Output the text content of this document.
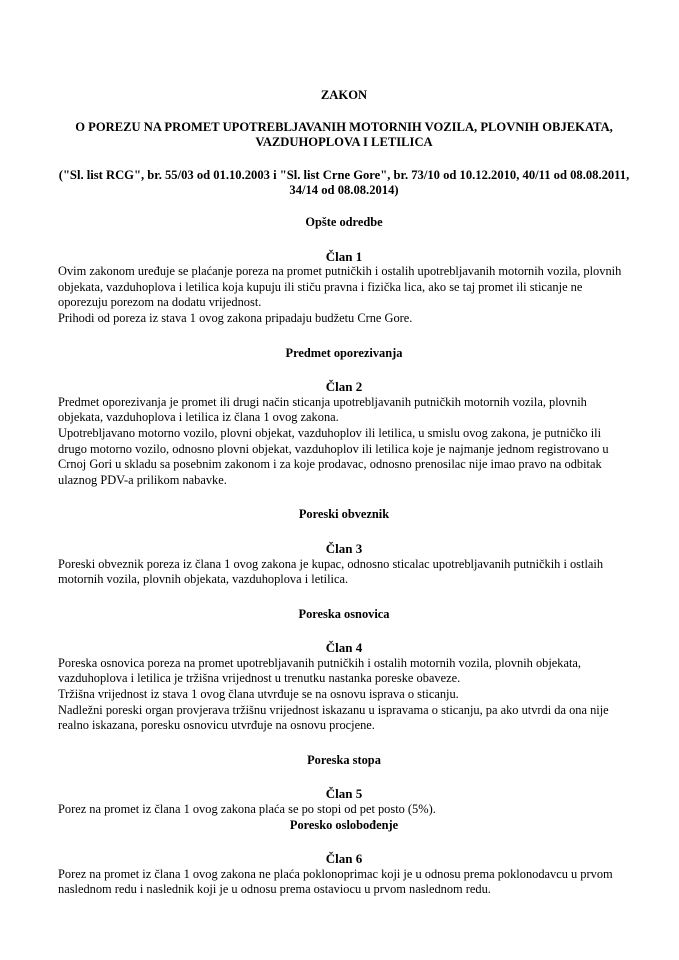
ZAKON
O POREZU NA PROMET UPOTREBLJAVANIH MOTORNIH VOZILA, PLOVNIH OBJEKATA, VAZDUHOPLOVA I LETILICA
("Sl. list RCG", br. 55/03 od 01.10.2003 i "Sl. list Crne Gore", br. 73/10 od 10.12.2010, 40/11 od 08.08.2011, 34/14 od 08.08.2014)
Opšte odredbe
Član 1

Ovim zakonom uređuje se plaćanje poreza na promet putničkih i ostalih upotrebljavanih motornih vozila, plovnih objekata, vazduhoplova i letilica koja kupuju ili stiču pravna i fizička lica, ako se taj promet ili sticanje ne oporezuju porezom na dodatu vrijednost.

Prihodi od poreza iz stava 1 ovog zakona pripadaju budžetu Crne Gore.

Predmet oporezivanja
Član 2

Predmet oporezivanja je promet ili drugi način sticanja upotrebljavanih putničkih motornih vozila, plovnih objekata, vazduhoplova i letilica iz člana 1 ovog zakona.

Upotrebljavano motorno vozilo, plovni objekat, vazduhoplov ili letilica, u smislu ovog zakona, je putničko ili drugo motorno vozilo, odnosno plovni objekat, vazduhoplov ili letilica koje je najmanje jednom registrovano u Crnoj Gori u skladu sa posebnim zakonom i za koje prodavac, odnosno prenosilac nije imao pravo na odbitak ulaznog PDV-a prilikom nabavke.

Poreski obveznik
Član 3

Poreski obveznik poreza iz člana 1 ovog zakona je kupac, odnosno sticalac upotrebljavanih putničkih i ostlaih motornih vozila, plovnih objekata, vazduhoplova i letilica.

Poreska osnovica
Član 4

Poreska osnovica poreza na promet upotrebljavanih putničkih i ostalih motornih vozila, plovnih objekata, vazduhoplova i letilica je tržišna vrijednost u trenutku nastanka poreske obaveze.

Tržišna vrijednost iz stava 1 ovog člana utvrđuje se na osnovu isprava o sticanju.

Nadležni poreski organ provjerava tržišnu vrijednost iskazanu u ispravama o sticanju, pa ako utvrdi da ona nije realno iskazana, poresku osnovicu utvrđuje na osnovu procjene.

Poreska stopa
Član 5

Porez na promet iz člana 1 ovog zakona plaća se po stopi od pet posto (5%).

Poresko oslobođenje
Član 6

Porez na promet iz člana 1 ovog zakona ne plaća poklonoprimac koji je u odnosu prema poklonodavcu u prvom naslednom redu i naslednik koji je u odnosu prema ostaviocu u prvom naslednom redu.
